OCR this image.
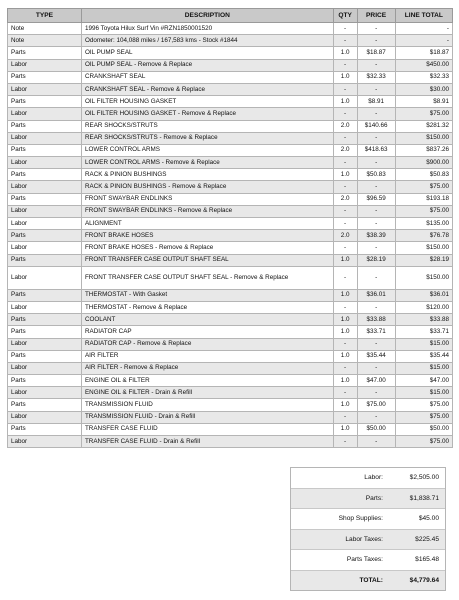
TYPE	DESCRIPTION	QTY	PRICE	LINE TOTAL
Note	1996 Toyota Hilux Surf Vin #RZN1850001520	-	-	-
Note	Odometer: 104,088 miles / 167,583 kms - Stock #1844	-	-	-
Parts	OIL PUMP SEAL	1.0	$18.87	$18.87
Labor	OIL PUMP SEAL - Remove & Replace	-	-	$450.00
Parts	CRANKSHAFT SEAL	1.0	$32.33	$32.33
Labor	CRANKSHAFT SEAL - Remove & Replace	-	-	$30.00
Parts	OIL FILTER HOUSING GASKET	1.0	$8.91	$8.91
Labor	OIL FILTER HOUSING GASKET - Remove & Replace	-	-	$75.00
Parts	REAR SHOCKS/STRUTS	2.0	$140.66	$281.32
Labor	REAR SHOCKS/STRUTS - Remove & Replace	-	-	$150.00
Parts	LOWER CONTROL ARMS	2.0	$418.63	$837.26
Labor	LOWER CONTROL ARMS - Remove & Replace	-	-	$900.00
Parts	RACK & PINION BUSHINGS	1.0	$50.83	$50.83
Labor	RACK & PINION BUSHINGS - Remove & Replace	-	-	$75.00
Parts	FRONT SWAYBAR ENDLINKS	2.0	$96.59	$193.18
Labor	FRONT SWAYBAR ENDLINKS - Remove & Replace	-	-	$75.00
Labor	ALIGNMENT	-	-	$135.00
Parts	FRONT BRAKE HOSES	2.0	$38.39	$76.78
Labor	FRONT BRAKE HOSES - Remove & Replace	-	-	$150.00
Parts	FRONT TRANSFER CASE OUTPUT SHAFT SEAL	1.0	$28.19	$28.19
Labor	FRONT TRANSFER CASE OUTPUT SHAFT SEAL - Remove & Replace	-	-	$150.00
Parts	THERMOSTAT - With Gasket	1.0	$36.01	$36.01
Labor	THERMOSTAT - Remove & Replace	-	-	$120.00
Parts	COOLANT	1.0	$33.88	$33.88
Parts	RADIATOR CAP	1.0	$33.71	$33.71
Labor	RADIATOR CAP - Remove & Replace	-	-	$15.00
Parts	AIR FILTER	1.0	$35.44	$35.44
Labor	AIR FILTER - Remove & Replace	-	-	$15.00
Parts	ENGINE OIL & FILTER	1.0	$47.00	$47.00
Labor	ENGINE OIL & FILTER - Drain & Refill	-	-	$15.00
Parts	TRANSMISSION FLUID	1.0	$75.00	$75.00
Labor	TRANSMISSION FLUID - Drain & Refill	-	-	$75.00
Parts	TRANSFER CASE FLUID	1.0	$50.00	$50.00
Labor	TRANSFER CASE FLUID - Drain & Refill	-	-	$75.00
Labor:	$2,505.00
Parts:	$1,838.71
Shop Supplies:	$45.00
Labor Taxes:	$225.45
Parts Taxes:	$165.48
TOTAL:	$4,779.64
